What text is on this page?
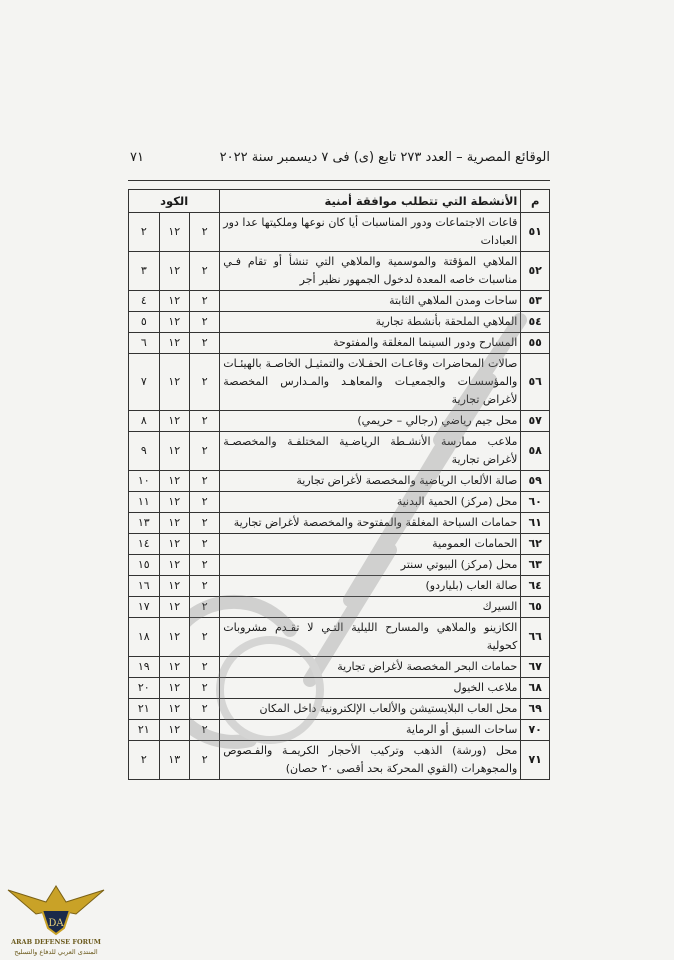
الوقائع المصرية – العدد ٢٧٣ تابع (ى) فى ٧ ديسمبر سنة ٢٠٢٢
٧١
م	الأنشطة التي تتطلب موافقة أمنية	الكود		
٥١	قاعات الاجتماعات ودور المناسبات أيا كان نوعها وملكيتها عدا دور العبادات	٢	١٢	٢
٥٢	الملاهي المؤقتة والموسمية والملاهي التي تنشأ أو تقام فـي مناسبات خاصه المعدة لدخول الجمهور نظير أجر	٢	١٢	٣
٥٣	ساحات ومدن الملاهي الثابتة	٢	١٢	٤
٥٤	الملاهي الملحقة بأنشطة تجارية	٢	١٢	٥
٥٥	المسارح ودور السينما المغلقة والمفتوحة	٢	١٢	٦
٥٦	صالات المحاضرات وقاعـات الحفـلات والتمثيـل الخاصـة بالهيئـات والمؤسسـات والجمعيـات والمعاهـد والمـدارس المخصصة لأغراض تجارية	٢	١٢	٧
٥٧	محل جيم رياضي (رجالي – حريمي)	٢	١٢	٨
٥٨	ملاعب ممارسة الأنشـطة الرياضـية المختلفـة والمخصصـة لأغراض تجارية	٢	١٢	٩
٥٩	صالة الألعاب الرياضية والمخصصة لأغراض تجارية	٢	١٢	١٠
٦٠	محل (مركز) الحمية البدنية	٢	١٢	١١
٦١	حمامات السباحة المغلقة والمفتوحة والمخصصة لأغراض تجارية	٢	١٢	١٣
٦٢	الحمامات العمومية	٢	١٢	١٤
٦٣	محل (مركز) البيوتي سنتر	٢	١٢	١٥
٦٤	صالة العاب (بلياردو)	٢	١٢	١٦
٦٥	السيرك	٢	١٢	١٧
٦٦	الكازينو والملاهي والمسارح الليلية التـي لا تقـدم مشروبات كحولية	٢	١٢	١٨
٦٧	حمامات البحر المخصصة لأغراض تجارية	٢	١٢	١٩
٦٨	ملاعب الخيول	٢	١٢	٢٠
٦٩	محل العاب البلايستيشن والألعاب الإلكترونية داخل المكان	٢	١٢	٢١
٧٠	ساحات السبق أو الرماية	٢	١٢	٢١
٧١	محل (ورشة) الذهب وتركيب الأحجار الكريمـة والفـصوص والمجوهرات (القوي المحركة بحد أقصى ٢٠ حصان)	٢	١٣	٢
DA
ARAB DEFENSE FORUM
المنتدى العربي للدفاع والتسليح
